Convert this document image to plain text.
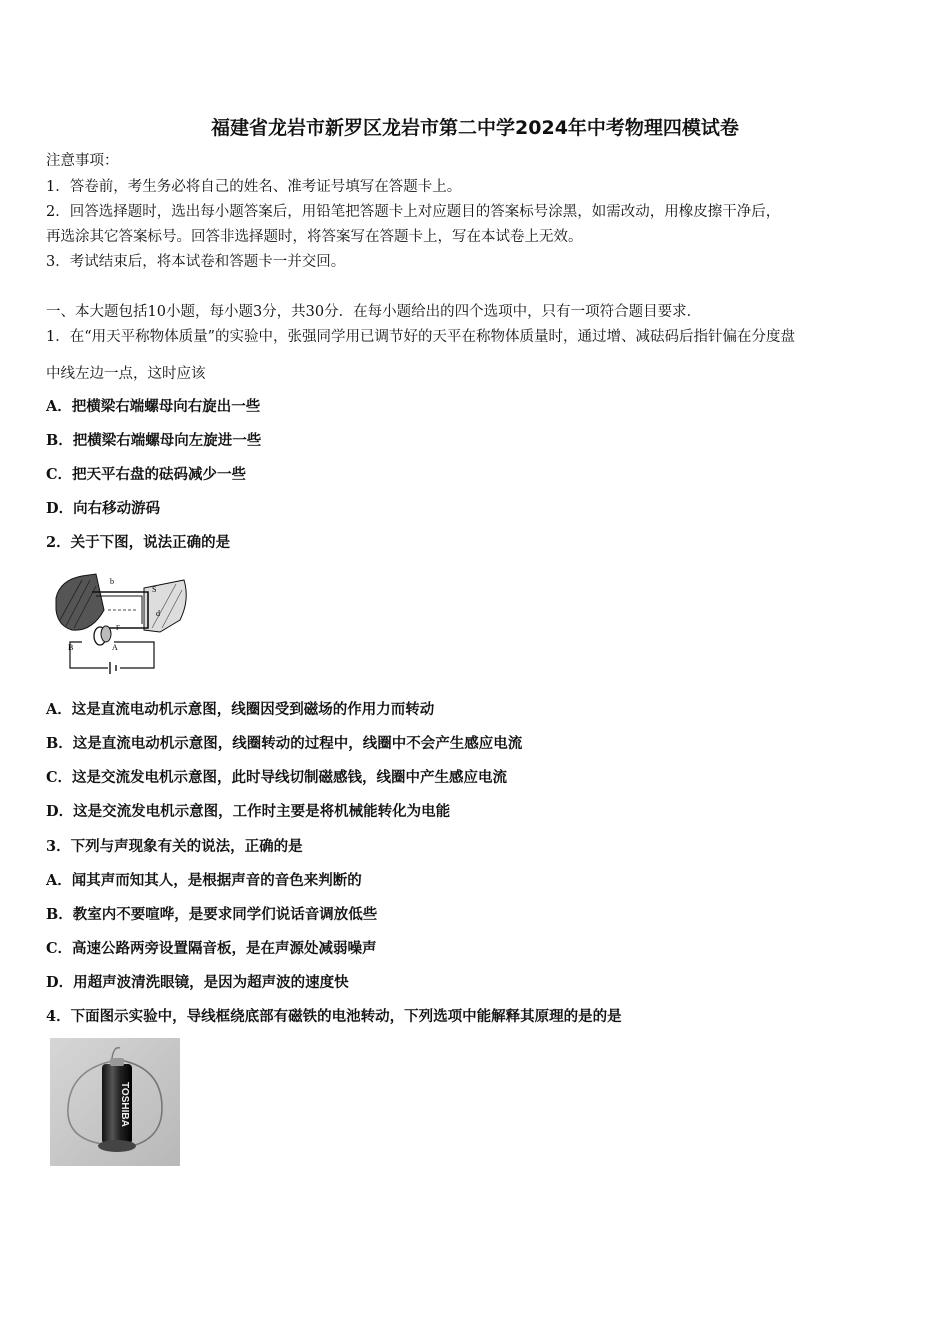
福建省龙岩市新罗区龙岩市第二中学2024年中考物理四模试卷
注意事项：
1．答卷前，考生务必将自己的姓名、准考证号填写在答题卡上。
2．回答选择题时，选出每小题答案后，用铅笔把答题卡上对应题目的答案标号涂黑，如需改动，用橡皮擦干净后，
再选涂其它答案标号。回答非选择题时，将答案写在答题卡上，写在本试卷上无效。
3．考试结束后，将本试卷和答题卡一并交回。
一、本大题包括10小题，每小题3分，共30分．在每小题给出的四个选项中，只有一项符合题目要求．
1．在“用天平称物体质量”的实验中，张强同学用已调节好的天平在称物体质量时，通过增、减砝码后指针偏在分度盘
中线左边一点，这时应该
A．把横梁右端螺母向右旋出一些
B．把横梁右端螺母向左旋进一些
C．把天平右盘的砝码减少一些
D．向右移动游码
2．关于下图，说法正确的是
b
S
d
F
B	A
A．这是直流电动机示意图，线圈因受到磁场的作用力而转动
B．这是直流电动机示意图，线圈转动的过程中，线圈中不会产生感应电流
C．这是交流发电机示意图，此时导线切制磁感钱，线圈中产生感应电流
D．这是交流发电机示意图，工作时主要是将机械能转化为电能
3．下列与声现象有关的说法，正确的是
A．闻其声而知其人，是根据声音的音色来判断的
B．教室内不要喧哗，是要求同学们说话音调放低些
C．高速公路两旁设置隔音板，是在声源处减弱噪声
D．用超声波清洗眼镜，是因为超声波的速度快
4．下面图示实验中，导线框绕底部有磁铁的电池转动，下列选项中能解释其原理的是的是
TOSHIBA
